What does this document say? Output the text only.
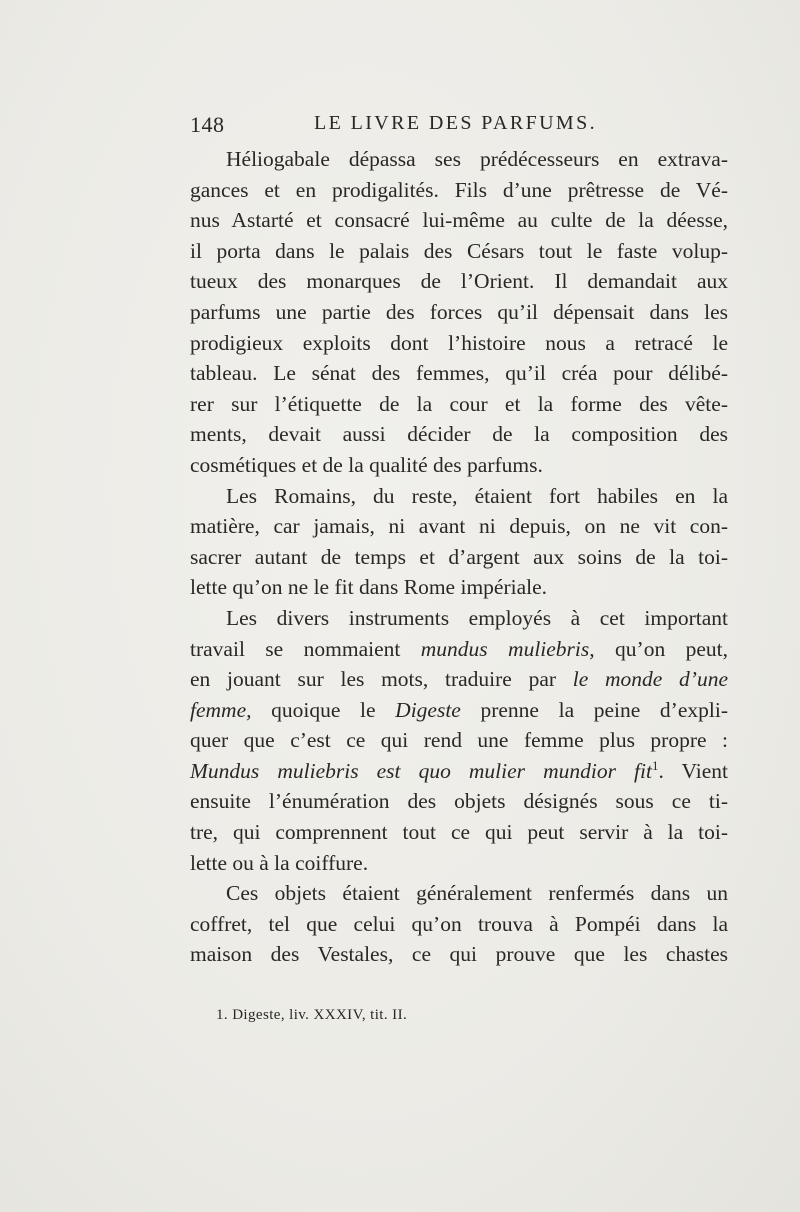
148	LE LIVRE DES PARFUMS.
Héliogabale dépassa ses prédécesseurs en extrava-
gances et en prodigalités. Fils d’une prêtresse de Vé-
nus Astarté et consacré lui-même au culte de la déesse,
il porta dans le palais des Césars tout le faste volup-
tueux des monarques de l’Orient. Il demandait aux
parfums une partie des forces qu’il dépensait dans les
prodigieux exploits dont l’histoire nous a retracé le
tableau. Le sénat des femmes, qu’il créa pour délibé-
rer sur l’étiquette de la cour et la forme des vête-
ments, devait aussi décider de la composition des
cosmétiques et de la qualité des parfums.
Les Romains, du reste, étaient fort habiles en la
matière, car jamais, ni avant ni depuis, on ne vit con-
sacrer autant de temps et d’argent aux soins de la toi-
lette qu’on ne le fit dans Rome impériale.
Les divers instruments employés à cet important
travail se nommaient mundus muliebris, qu’on peut,
en jouant sur les mots, traduire par le monde d’une
femme, quoique le Digeste prenne la peine d’expli-
quer que c’est ce qui rend une femme plus propre :
Mundus muliebris est quo mulier mundior fit$^1$. Vient
ensuite l’énumération des objets désignés sous ce ti-
tre, qui comprennent tout ce qui peut servir à la toi-
lette ou à la coiffure.
Ces objets étaient généralement renfermés dans un
coffret, tel que celui qu’on trouva à Pompéi dans la
maison des Vestales, ce qui prouve que les chastes
1. Digeste, liv. XXXIV, tit. II.
